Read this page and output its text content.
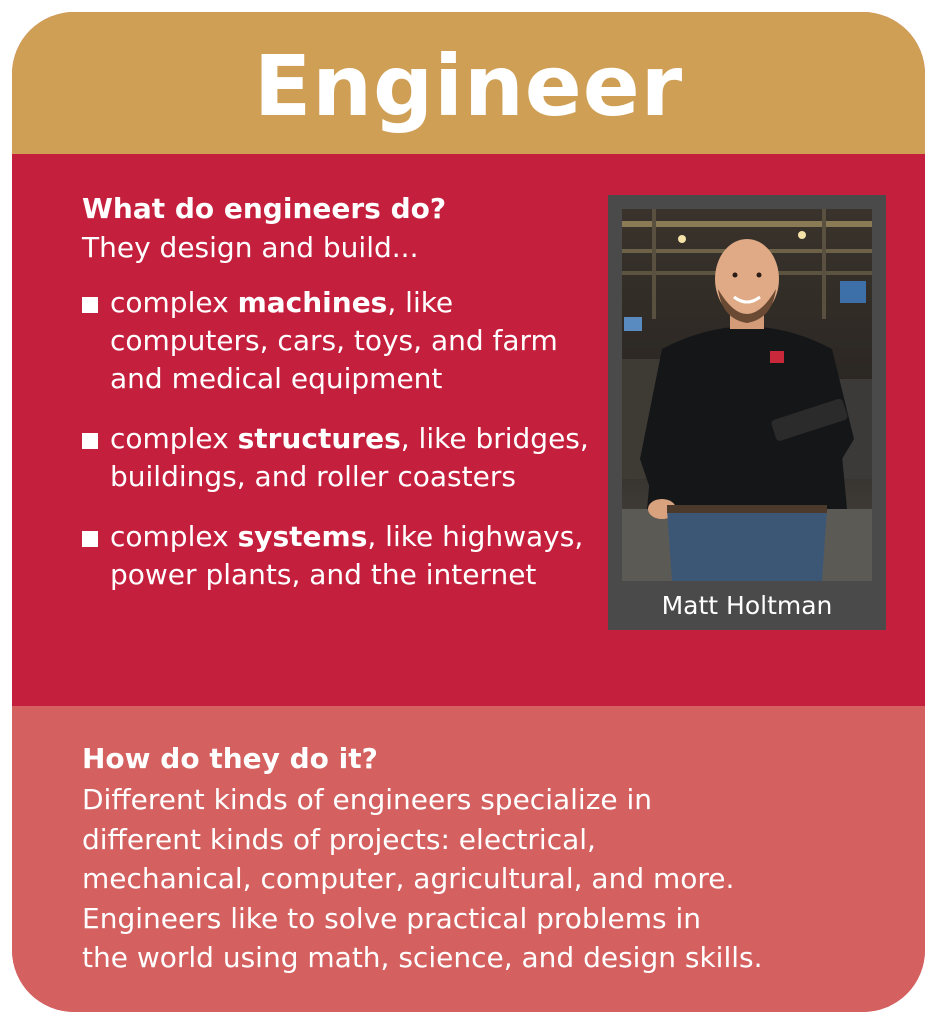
Engineer
What do engineers do?
They design and build...
complex machines, like computers, cars, toys, and farm and medical equipment
complex structures, like bridges, buildings, and roller coasters
complex systems, like highways, power plants, and the internet
Matt Holtman
How do they do it?
Different kinds of engineers specialize in
different kinds of projects: electrical,
mechanical, computer, agricultural, and more.
Engineers like to solve practical problems in
the world using math, science, and design skills.
